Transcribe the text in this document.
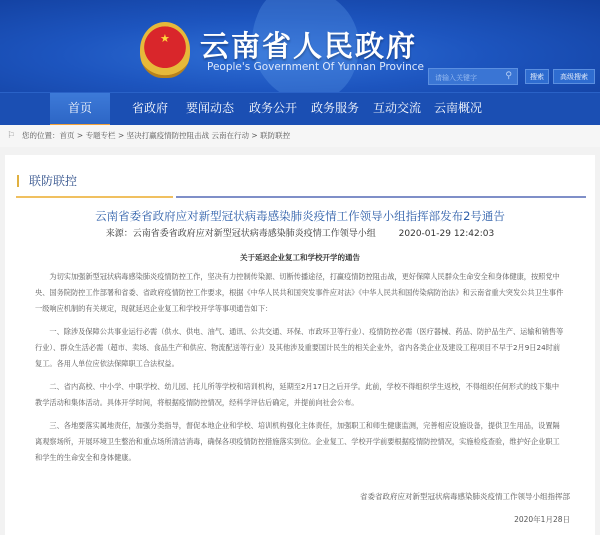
★ 云南省人民政府
People's Government Of Yunnan Province
请输入关键字	⚲	搜索	高级搜索
首页	省政府	要闻动态	政务公开	政务服务	互动交流	云南概况
⚐ 您的位置：首页 > 专题专栏 > 坚决打赢疫情防控阻击战 云南在行动 > 联防联控
联防联控
云南省委省政府应对新型冠状病毒感染肺炎疫情工作领导小组指挥部发布2号通告
来源：云南省委省政府应对新型冠状病毒感染肺炎疫情工作领导小组	2020-01-29 12:42:03
关于延迟企业复工和学校开学的通告

为切实加强新型冠状病毒感染肺炎疫情防控工作，坚决有力控制传染源、切断传播途径，打赢疫情防控阻击战，更好保障人民群众生命安全和身体健康，按照党中央、国务院防控工作部署和省委、省政府疫情防控工作要求，根据《中华人民共和国突发事件应对法》《中华人民共和国传染病防治法》和云南省重大突发公共卫生事件一级响应机制的有关规定，现就延迟企业复工和学校开学等事项通告如下：

一、除涉及保障公共事业运行必需（供水、供电、油气、通讯、公共交通、环保、市政环卫等行业）、疫情防控必需（医疗器械、药品、防护品生产、运输和销售等行业）、群众生活必需（超市、卖场、食品生产和供应、物流配送等行业）及其他涉及重要国计民生的相关企业外，省内各类企业及建设工程项目不早于2月9日24时前复工。各用人单位应依法保障职工合法权益。

二、省内高校、中小学、中职学校、幼儿园、托儿所等学校和培训机构，延期至2月17日之后开学。此前，学校不得组织学生返校，不得组织任何形式的线下集中教学活动和集体活动。具体开学时间，将根据疫情防控情况，经科学评估后确定，并提前向社会公布。

三、各地要落实属地责任，加强分类指导，督促本地企业和学校、培训机构强化主体责任，加强职工和师生健康监测，完善相应设施设备，提供卫生用品，设置隔离观察场所，开展环境卫生整治和重点场所清洁消毒，确保各项疫情防控措施落实到位。企业复工、学校开学前要根据疫情防控情况，实施检疫查验，维护好企业职工和学生的生命安全和身体健康。

省委省政府应对新型冠状病毒感染肺炎疫情工作领导小组指挥部
2020年1月28日
